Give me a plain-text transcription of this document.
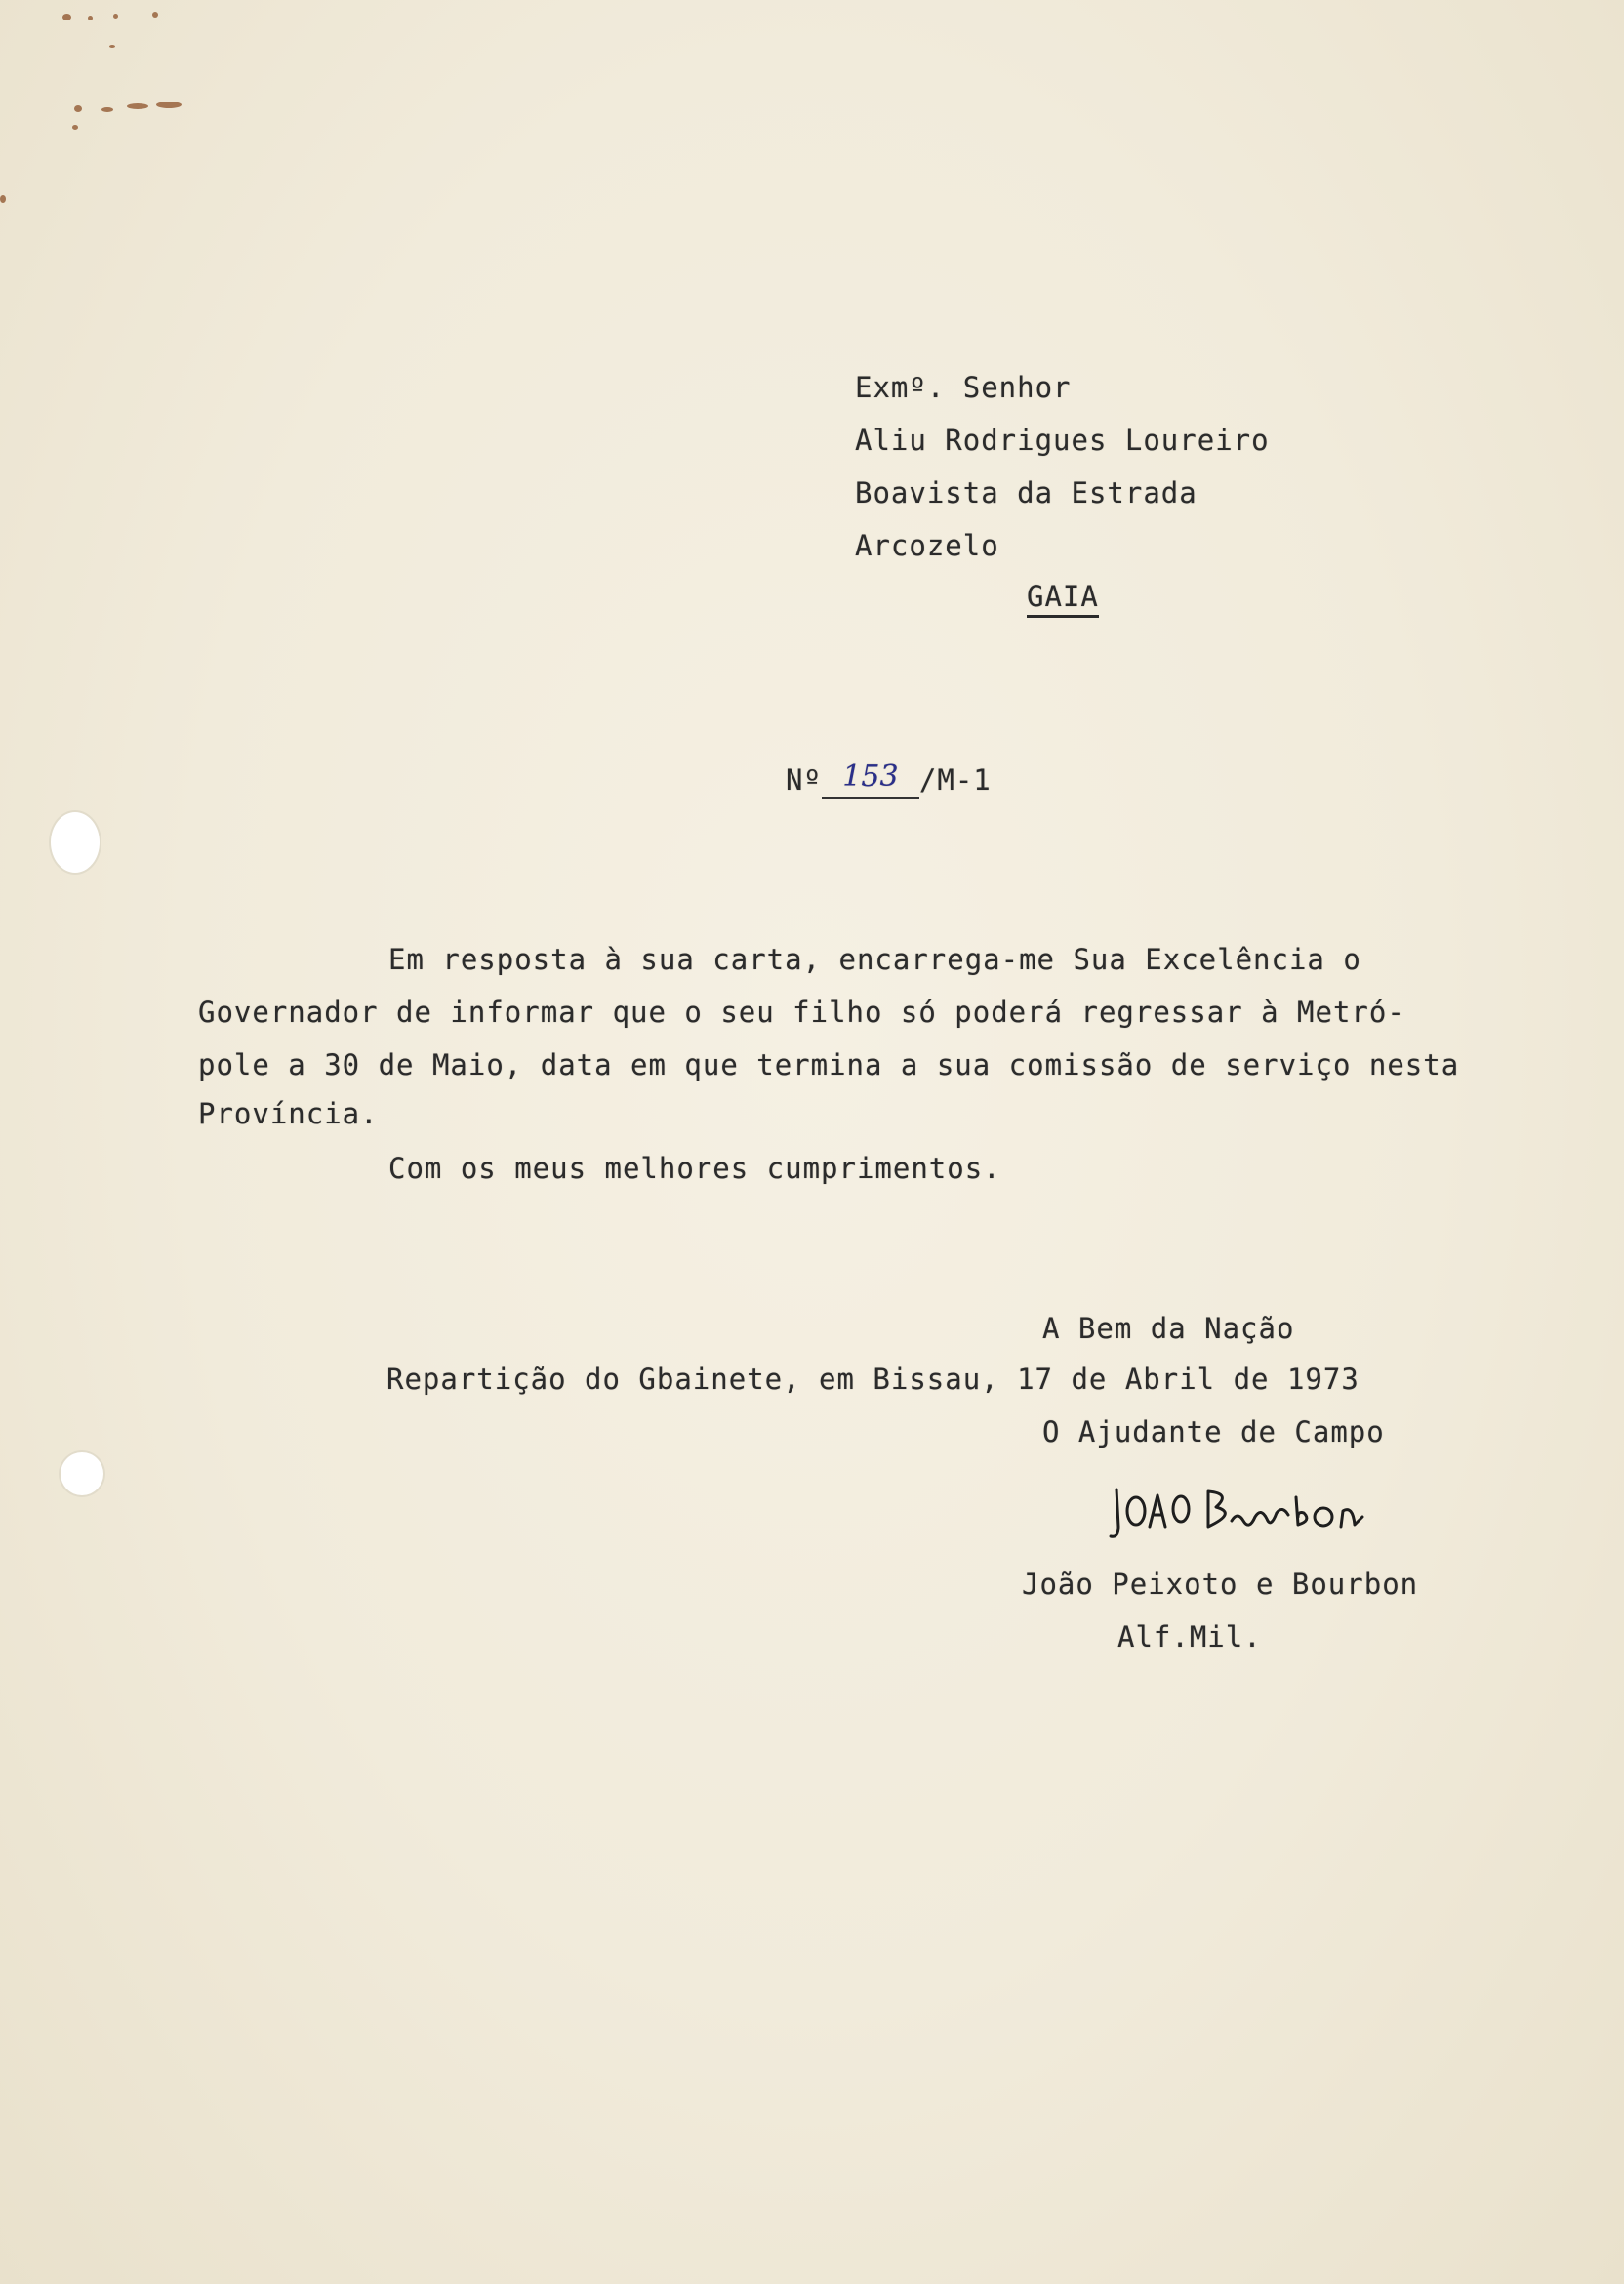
Exmº. Senhor
Aliu Rodrigues Loureiro
Boavista da Estrada
Arcozelo
GAIA
Nº 153 /M-1
Em resposta à sua carta, encarrega-me Sua Excelência o
Governador de informar que o seu filho só poderá regressar à Metró-
pole a 30 de Maio, data em que termina a sua comissão de serviço nesta
Província.
Com os meus melhores cumprimentos.
A Bem da Nação
Repartição do Gbainete, em Bissau, 17 de Abril de 1973
O Ajudante de Campo
João Peixoto e Bourbon
Alf.Mil.
